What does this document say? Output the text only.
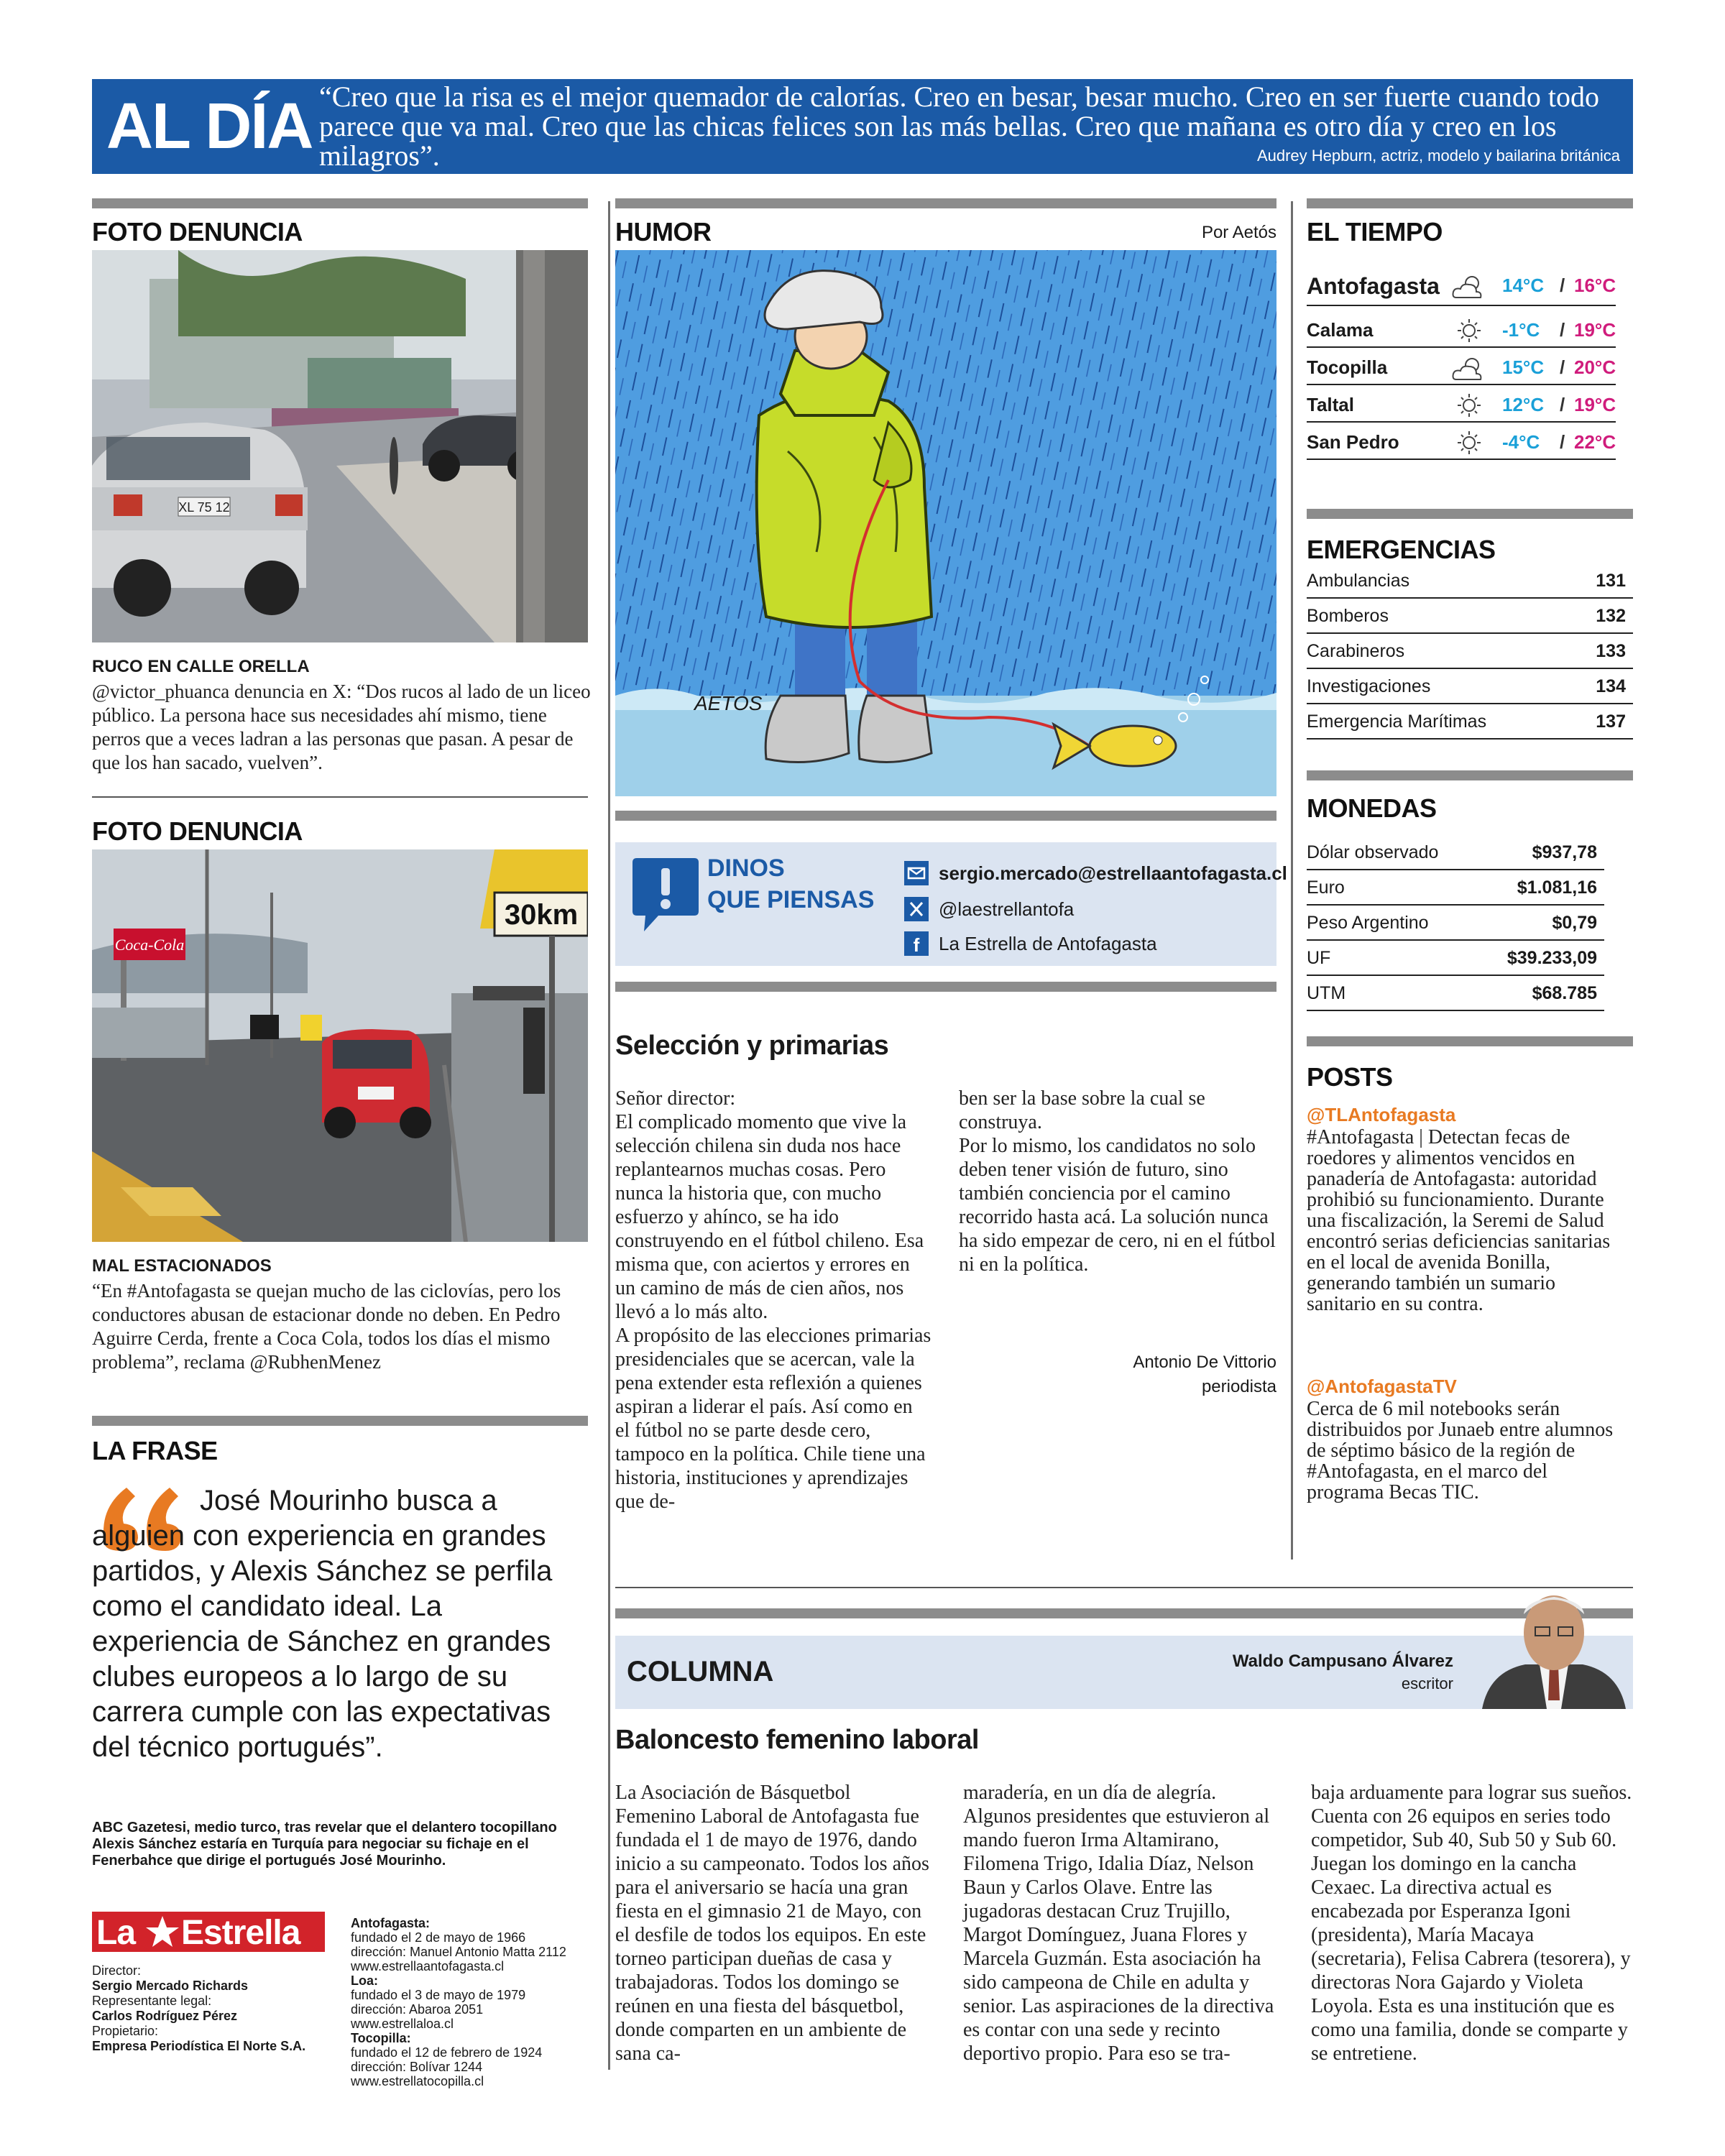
AL DÍA “Creo que la risa es el mejor quemador de calorías. Creo en besar, besar mucho. Creo en ser fuerte cuando todo parece que va mal. Creo que las chicas felices son las más bellas. Creo que mañana es otro día y creo en los milagros”.	Audrey Hepburn, actriz, modelo y bailarina británica
FOTO DENUNCIA
XL 75 12
RUCO EN CALLE ORELLA
@victor_phuanca denuncia en X: “Dos rucos al lado de un liceo público. La persona hace sus necesidades ahí mismo, tiene perros que a veces ladran a las personas que pasan. A pesar de que los han sacado, vuelven”.
FOTO DENUNCIA
Coca-Cola
30km
MAL ESTACIONADOS
“En #Antofagasta se quejan mucho de las ciclovías, pero los conductores abusan de estacionar donde no deben. En Pedro Aguirre Cerda, frente a Coca Cola, todos los días el mismo problema”, reclama @RubhenMenez
LA FRASE
José Mourinho busca a alguien con experiencia en grandes partidos, y Alexis Sánchez se perfila como el candidato ideal. La experiencia de Sánchez en grandes clubes europeos a lo largo de su carrera cumple con las expectativas del técnico portugués”.
ABC Gazetesi, medio turco, tras revelar que el delantero tocopillano Alexis Sánchez estaría en Turquía para negociar su fichaje en el Fenerbahce que dirige el portugués José Mourinho.
La Estrella
Director:
Sergio Mercado Richards
Representante legal:
Carlos Rodríguez Pérez
Propietario:
Empresa Periodística El Norte S.A.
Antofagasta:
fundado el 2 de mayo de 1966
dirección: Manuel Antonio Matta 2112
www.estrellaantofagasta.cl
Loa:
fundado el 3 de mayo de 1979
dirección: Abaroa 2051
www.estrellaloa.cl
Tocopilla:
fundado el 12 de febrero de 1924
dirección: Bolívar 1244
www.estrellatocopilla.cl
HUMOR	Por Aetós
AETOS
DINOS
QUE PIENSAS
sergio.mercado@estrellaantofagasta.cl
@laestrellantofa
f La Estrella de Antofagasta
Selección y primarias
Señor director:
El complicado momento que vive la selección chilena sin duda nos hace replantearnos muchas cosas. Pero nunca la historia que, con mucho esfuerzo y ahínco, se ha ido construyendo en el fútbol chileno. Esa misma que, con aciertos y errores en un camino de más de cien años, nos llevó a lo más alto.
A propósito de las elecciones primarias presidenciales que se acercan, vale la pena extender esta reflexión a quienes aspiran a liderar el país. Así como en el fútbol no se parte desde cero, tampoco en la política. Chile tiene una historia, instituciones y aprendizajes que de-
ben ser la base sobre la cual se construya.
Por lo mismo, los candidatos no solo deben tener visión de futuro, sino también conciencia por el camino recorrido hasta acá. La solución nunca ha sido empezar de cero, ni en el fútbol ni en la política.
Antonio De Vittorio
periodista
COLUMNA	Waldo Campusano Álvarez
escritor
Baloncesto femenino laboral
La Asociación de Básquetbol Femenino Laboral de Antofagasta fue fundada el 1 de mayo de 1976, dando inicio a su campeonato. Todos los años para el aniversario se hacía una gran fiesta en el gimnasio 21 de Mayo, con el desfile de todos los equipos. En este torneo participan dueñas de casa y trabajadoras. Todos los domingo se reúnen en una fiesta del básquetbol, donde comparten en un ambiente de sana ca-
maradería, en un día de alegría. Algunos presidentes que estuvieron al mando fueron Irma Altamirano, Filomena Trigo, Idalia Díaz, Nelson Baun y Carlos Olave. Entre las jugadoras destacan Cruz Trujillo, Margot Domínguez, Juana Flores y Marcela Guzmán. Esta asociación ha sido campeona de Chile en adulta y senior. Las aspiraciones de la directiva es contar con una sede y recinto deportivo propio. Para eso se tra-
baja arduamente para lograr sus sueños. Cuenta con 26 equipos en series todo competidor, Sub 40, Sub 50 y Sub 60. Juegan los domingo en la cancha Cexaec. La directiva actual es encabezada por Esperanza Igoni (presidenta), María Macaya (secretaria), Felisa Cabrera (tesorera), y directoras Nora Gajardo y Violeta Loyola. Esta es una institución que es como una familia, donde se comparte y se entretiene.
EL TIEMPO
Antofagasta	14°C / 16°C
Calama	-1°C / 19°C
Tocopilla	15°C / 20°C
Taltal	12°C / 19°C
San Pedro	-4°C / 22°C
EMERGENCIAS
Ambulancias	131
Bomberos	132
Carabineros	133
Investigaciones	134
Emergencia Marítimas	137
MONEDAS
Dólar observado	$937,78
Euro	$1.081,16
Peso Argentino	$0,79
UF	$39.233,09
UTM	$68.785
POSTS
@TLAntofagasta
#Antofagasta | Detectan fecas de roedores y alimentos vencidos en panadería de Antofagasta: autoridad prohibió su funcionamiento. Durante una fiscalización, la Seremi de Salud encontró serias deficiencias sanitarias en el local de avenida Bonilla, generando también un sumario sanitario en su contra.
@AntofagastaTV
Cerca de 6 mil notebooks serán distribuidos por Junaeb entre alumnos de séptimo básico de la región de #Antofagasta, en el marco del programa Becas TIC.
